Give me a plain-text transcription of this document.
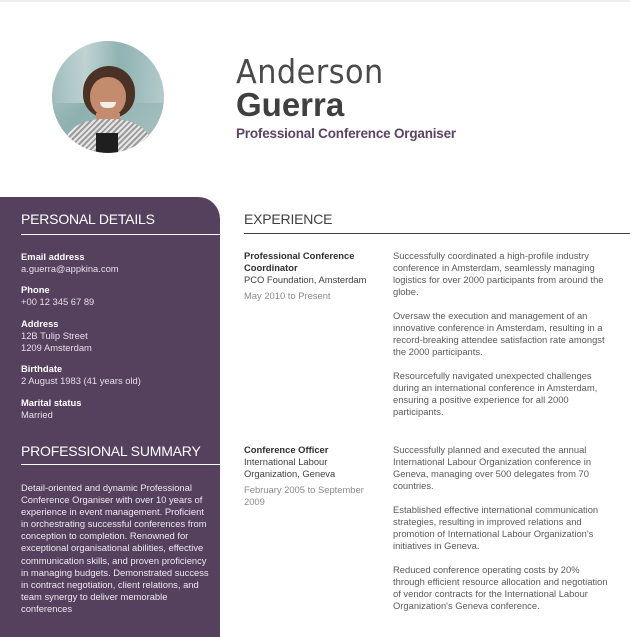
Anderson
Guerra
Professional Conference Organiser
PERSONAL DETAILS
Email address
a.guerra@appkina.com
Phone
+00 12 345 67 89
Address
12B Tulip Street
1209 Amsterdam
Birthdate
2 August 1983 (41 years old)
Marital status
Married
PROFESSIONAL SUMMARY
Detail-oriented and dynamic Professional Conference Organiser with over 10 years of experience in event management. Proficient in orchestrating successful conferences from conception to completion. Renowned for exceptional organisational abilities, effective communication skills, and proven proficiency in managing budgets. Demonstrated success in contract negotiation, client relations, and team synergy to deliver memorable conferences
EXPERIENCE
Professional Conference Coordinator
PCO Foundation, Amsterdam
May 2010 to Present

Successfully coordinated a high-profile industry conference in Amsterdam, seamlessly managing logistics for over 2000 participants from around the globe.

Oversaw the execution and management of an innovative conference in Amsterdam, resulting in a record-breaking attendee satisfaction rate amongst the 2000 participants.

Resourcefully navigated unexpected challenges during an international conference in Amsterdam, ensuring a positive experience for all 2000 participants.

Conference Officer
International Labour Organization, Geneva
February 2005 to September 2009

Successfully planned and executed the annual International Labour Organization conference in Geneva, managing over 500 delegates from 70 countries.

Established effective international communication strategies, resulting in improved relations and promotion of International Labour Organization's initiatives in Geneva.

Reduced conference operating costs by 20% through efficient resource allocation and negotiation of vendor contracts for the International Labour Organization's Geneva conference.
